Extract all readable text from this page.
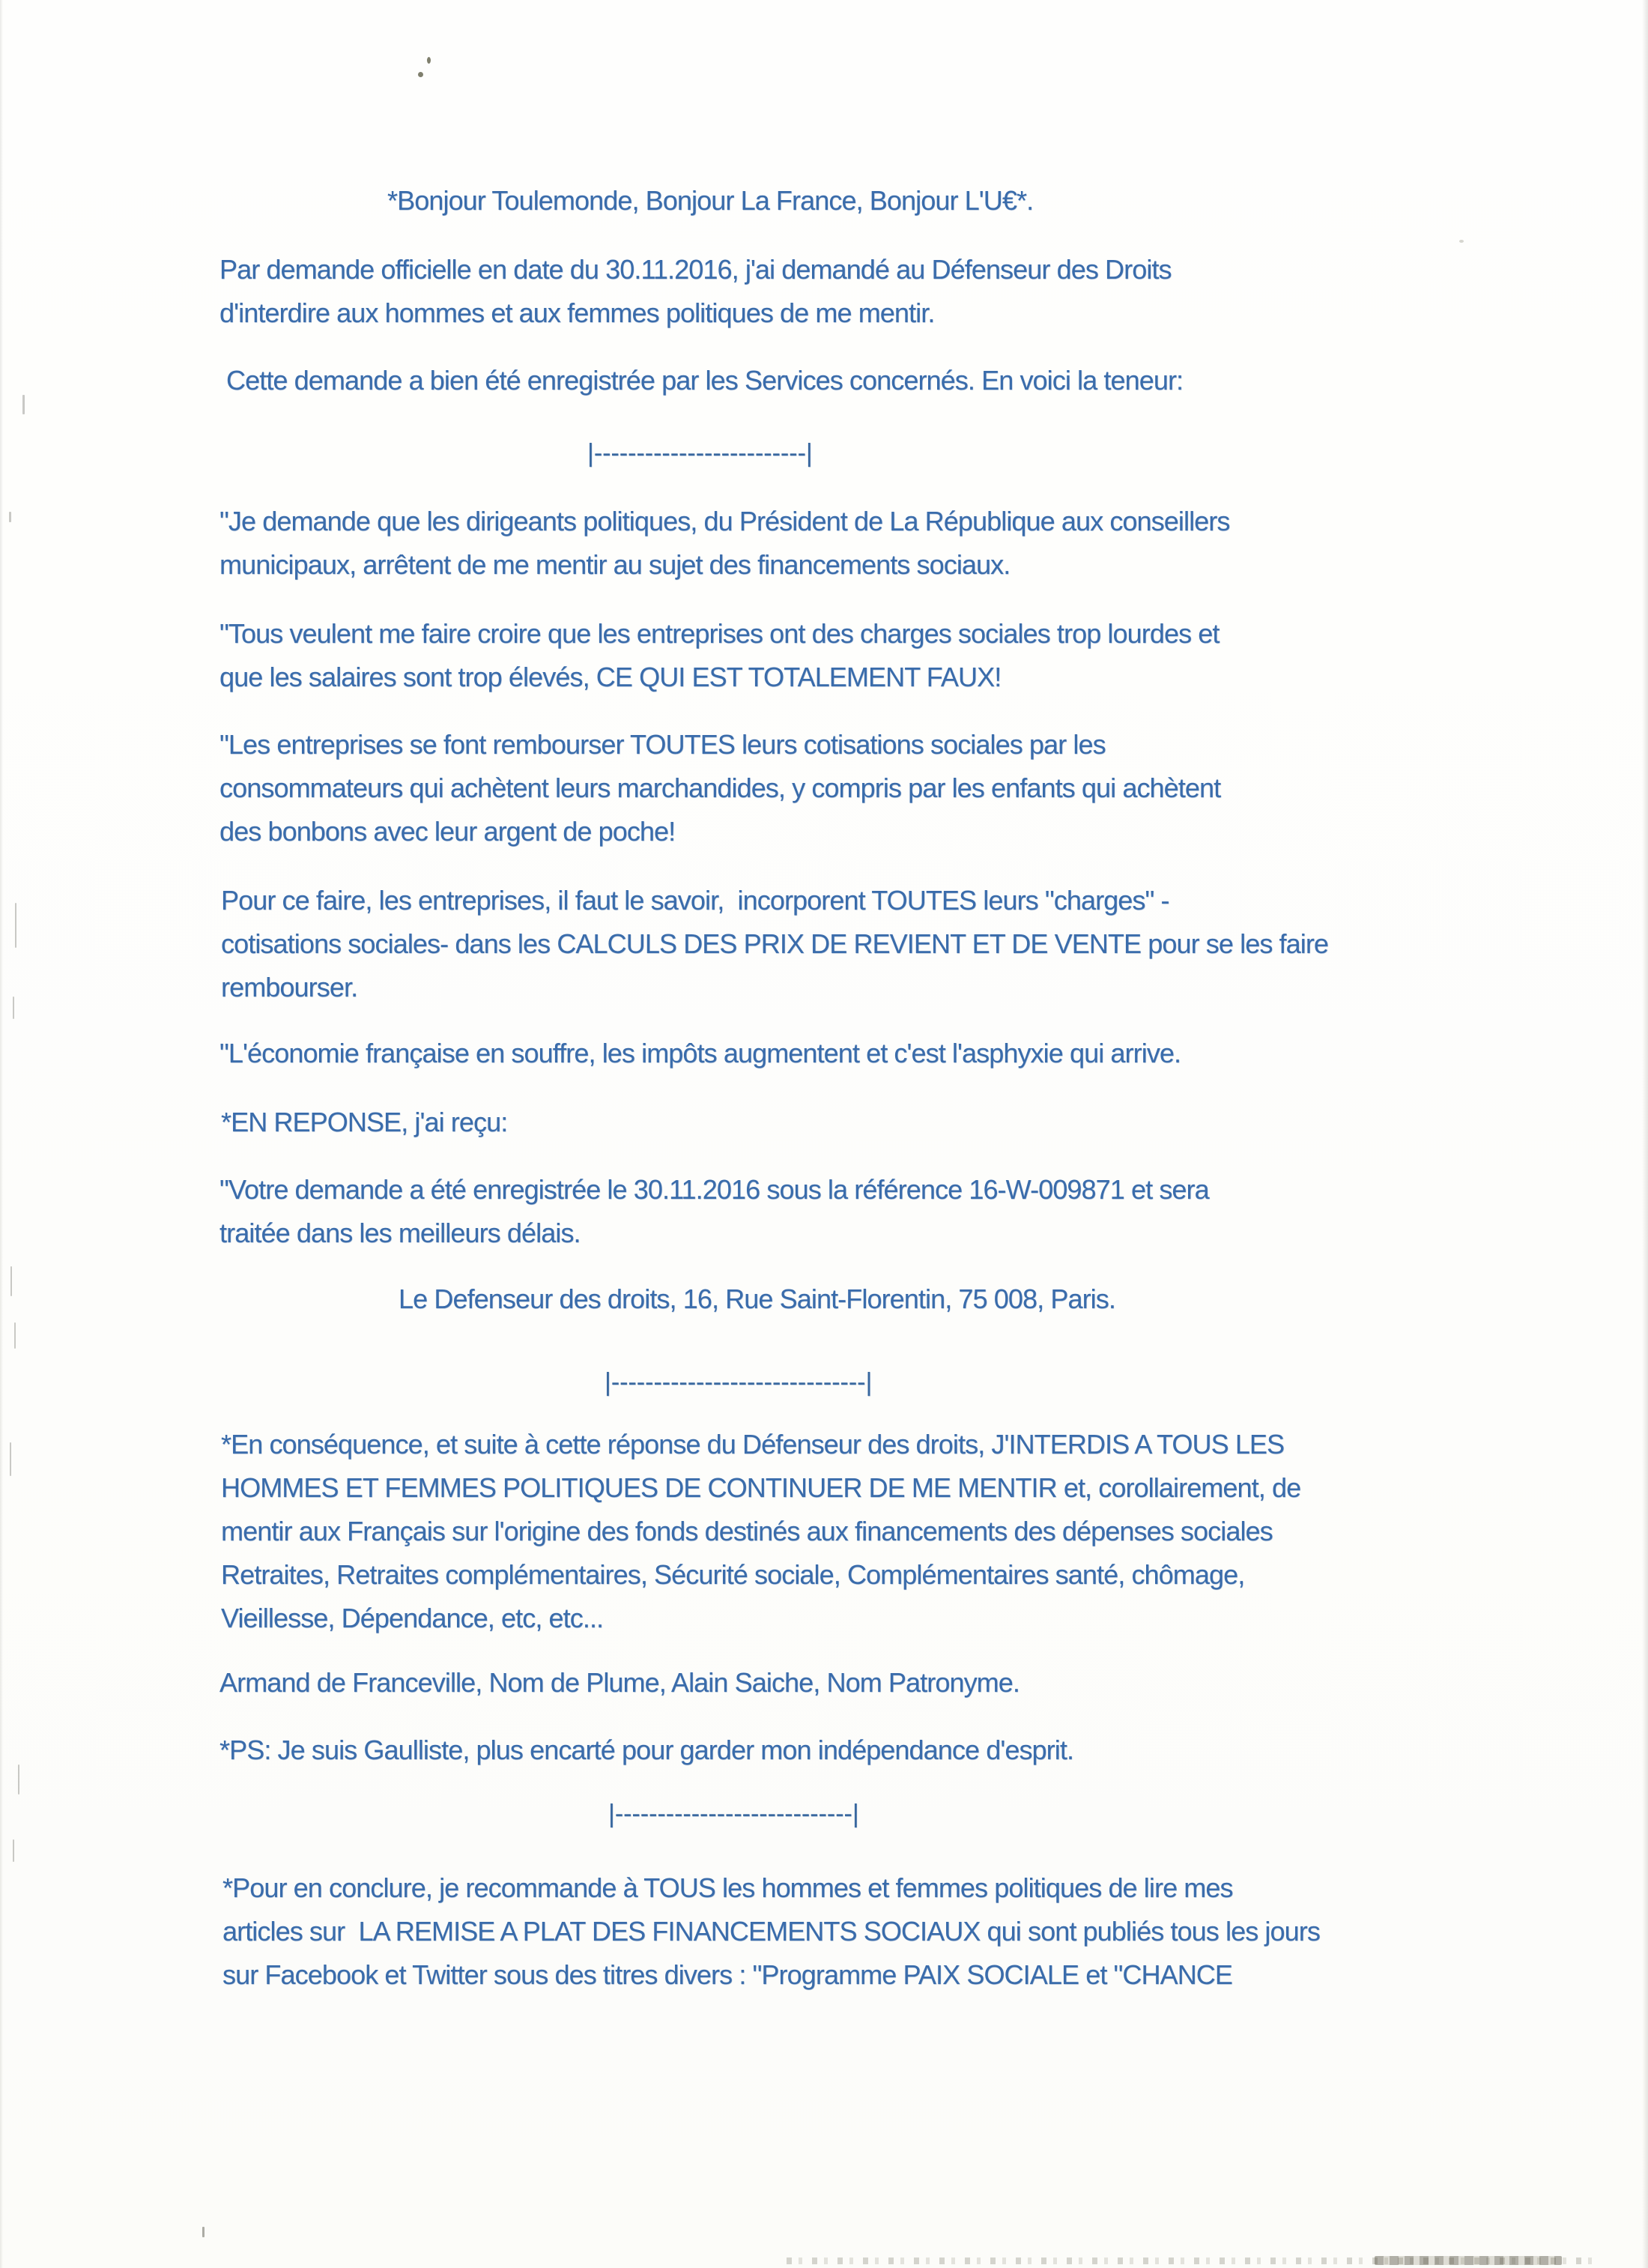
*Bonjour Toulemonde, Bonjour La France, Bonjour L'U€*.
Par demande officielle en date du 30.11.2016, j'ai demandé au Défenseur des Droits
d'interdire aux hommes et aux femmes politiques de me mentir.
Cette demande a bien été enregistrée par les Services concernés. En voici la teneur:
|-------------------------|
"Je demande que les dirigeants politiques, du Président de La République aux conseillers
municipaux, arrêtent de me mentir au sujet des financements sociaux.
"Tous veulent me faire croire que les entreprises ont des charges sociales trop lourdes et
que les salaires sont trop élevés, CE QUI EST TOTALEMENT FAUX!
"Les entreprises se font rembourser TOUTES leurs cotisations sociales par les
consommateurs qui achètent leurs marchandides, y compris par les enfants qui achètent
des bonbons avec leur argent de poche!
Pour ce faire, les entreprises, il faut le savoir,  incorporent TOUTES leurs "charges" -
cotisations sociales- dans les CALCULS DES PRIX DE REVIENT ET DE VENTE pour se les faire
rembourser.
"L'économie française en souffre, les impôts augmentent et c'est l'asphyxie qui arrive.
*EN REPONSE, j'ai reçu:
"Votre demande a été enregistrée le 30.11.2016 sous la référence 16-W-009871 et sera
traitée dans les meilleurs délais.
Le Defenseur des droits, 16, Rue Saint-Florentin, 75 008, Paris.
|------------------------------|
*En conséquence, et suite à cette réponse du Défenseur des droits, J'INTERDIS A TOUS LES
HOMMES ET FEMMES POLITIQUES DE CONTINUER DE ME MENTIR et, corollairement, de
mentir aux Français sur l'origine des fonds destinés aux financements des dépenses sociales
Retraites, Retraites complémentaires, Sécurité sociale, Complémentaires santé, chômage,
Vieillesse, Dépendance, etc, etc...
Armand de Franceville, Nom de Plume, Alain Saiche, Nom Patronyme.
*PS: Je suis Gaulliste, plus encarté pour garder mon indépendance d'esprit.
|----------------------------|
*Pour en conclure, je recommande à TOUS les hommes et femmes politiques de lire mes
articles sur  LA REMISE A PLAT DES FINANCEMENTS SOCIAUX qui sont publiés tous les jours
sur Facebook et Twitter sous des titres divers : "Programme PAIX SOCIALE et "CHANCE
